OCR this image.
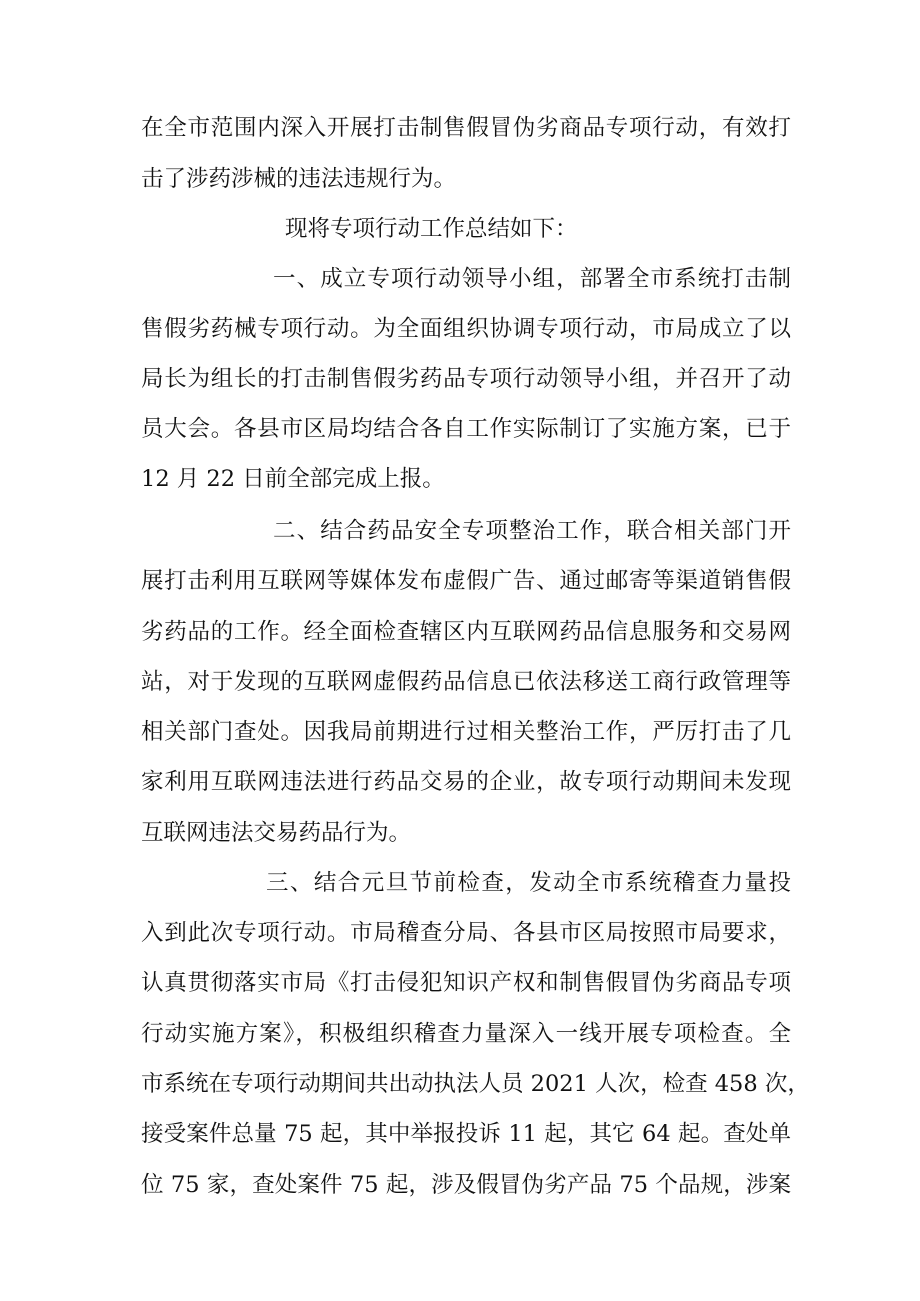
在全市范围内深入开展打击制售假冒伪劣商品专项行动，有效打
击了涉药涉械的违法违规行为。
现将专项行动工作总结如下：
一、成立专项行动领导小组，部署全市系统打击制
售假劣药械专项行动。为全面组织协调专项行动，市局成立了以
局长为组长的打击制售假劣药品专项行动领导小组，并召开了动
员大会。各县市区局均结合各自工作实际制订了实施方案，已于
12 月 22 日前全部完成上报。
二、结合药品安全专项整治工作，联合相关部门开
展打击利用互联网等媒体发布虚假广告、通过邮寄等渠道销售假
劣药品的工作。经全面检查辖区内互联网药品信息服务和交易网
站，对于发现的互联网虚假药品信息已依法移送工商行政管理等
相关部门查处。因我局前期进行过相关整治工作，严厉打击了几
家利用互联网违法进行药品交易的企业，故专项行动期间未发现
互联网违法交易药品行为。
三、结合元旦节前检查，发动全市系统稽查力量投
入到此次专项行动。市局稽查分局、各县市区局按照市局要求，
认真贯彻落实市局《打击侵犯知识产权和制售假冒伪劣商品专项
行动实施方案》，积极组织稽查力量深入一线开展专项检查。全
市系统在专项行动期间共出动执法人员 2021 人次，检查 458 次，
接受案件总量 75 起，其中举报投诉 11 起，其它 64 起。查处单
位 75 家，查处案件 75 起，涉及假冒伪劣产品 75 个品规，涉案
